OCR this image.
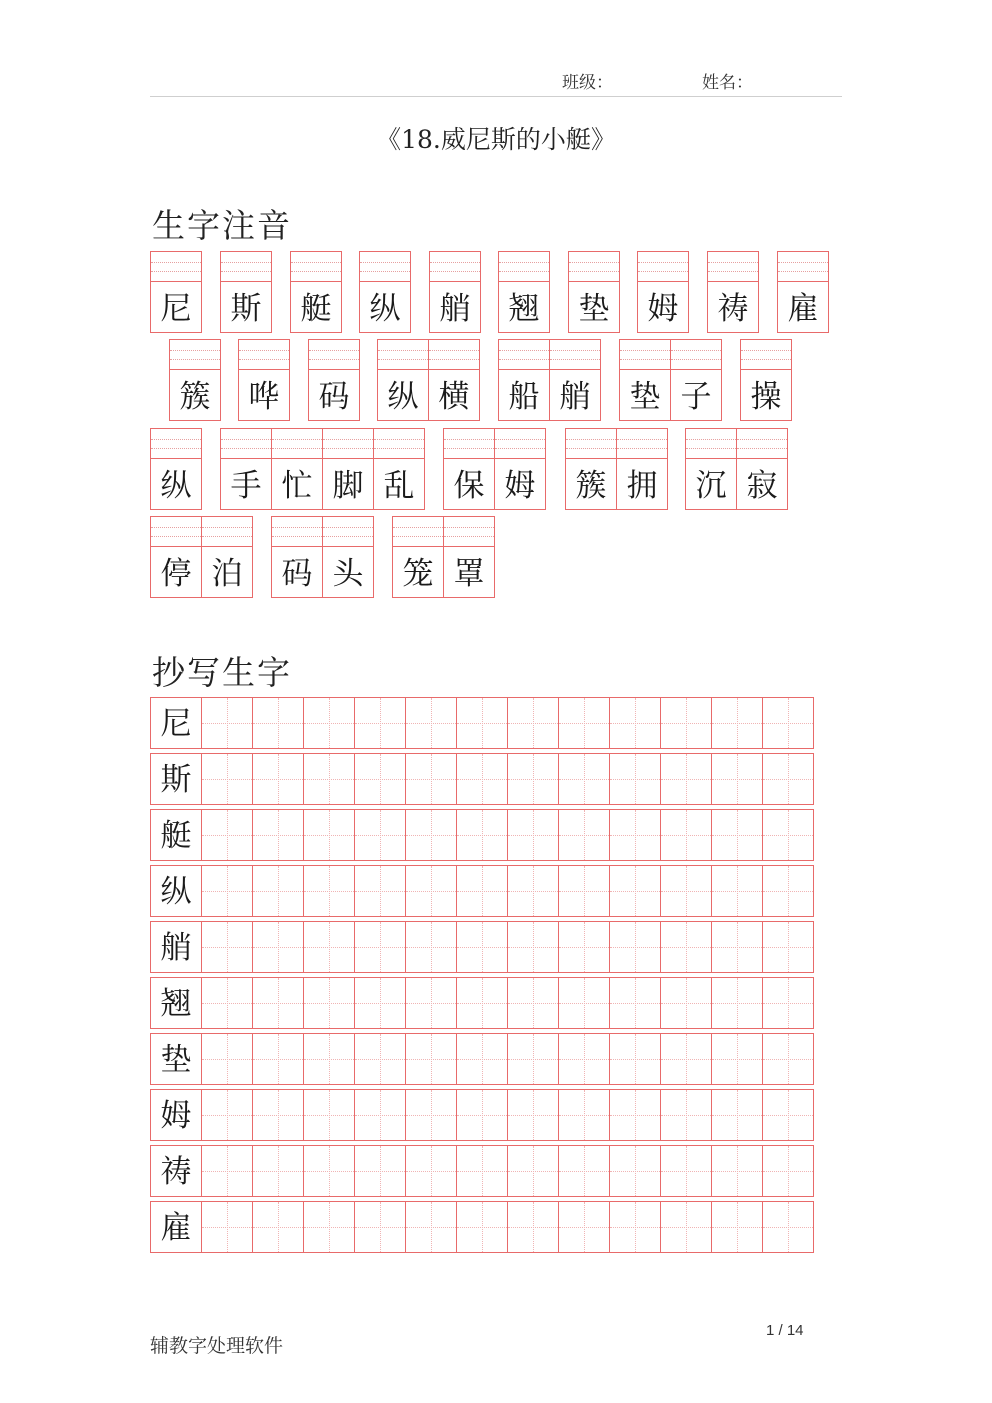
班级：	姓名：
《18.威尼斯的小艇》
生字注音
尼	斯	艇	纵	艄	翘	垫	姆	祷	雇
簇	哗	码	纵 横	船 艄	垫 子	操
纵	手 忙 脚 乱	保 姆	簇 拥	沉 寂
停 泊	码 头	笼 罩
抄写生字
尼
斯
艇
纵
艄
翘
垫
姆
祷
雇
辅教字处理软件
1 / 14
